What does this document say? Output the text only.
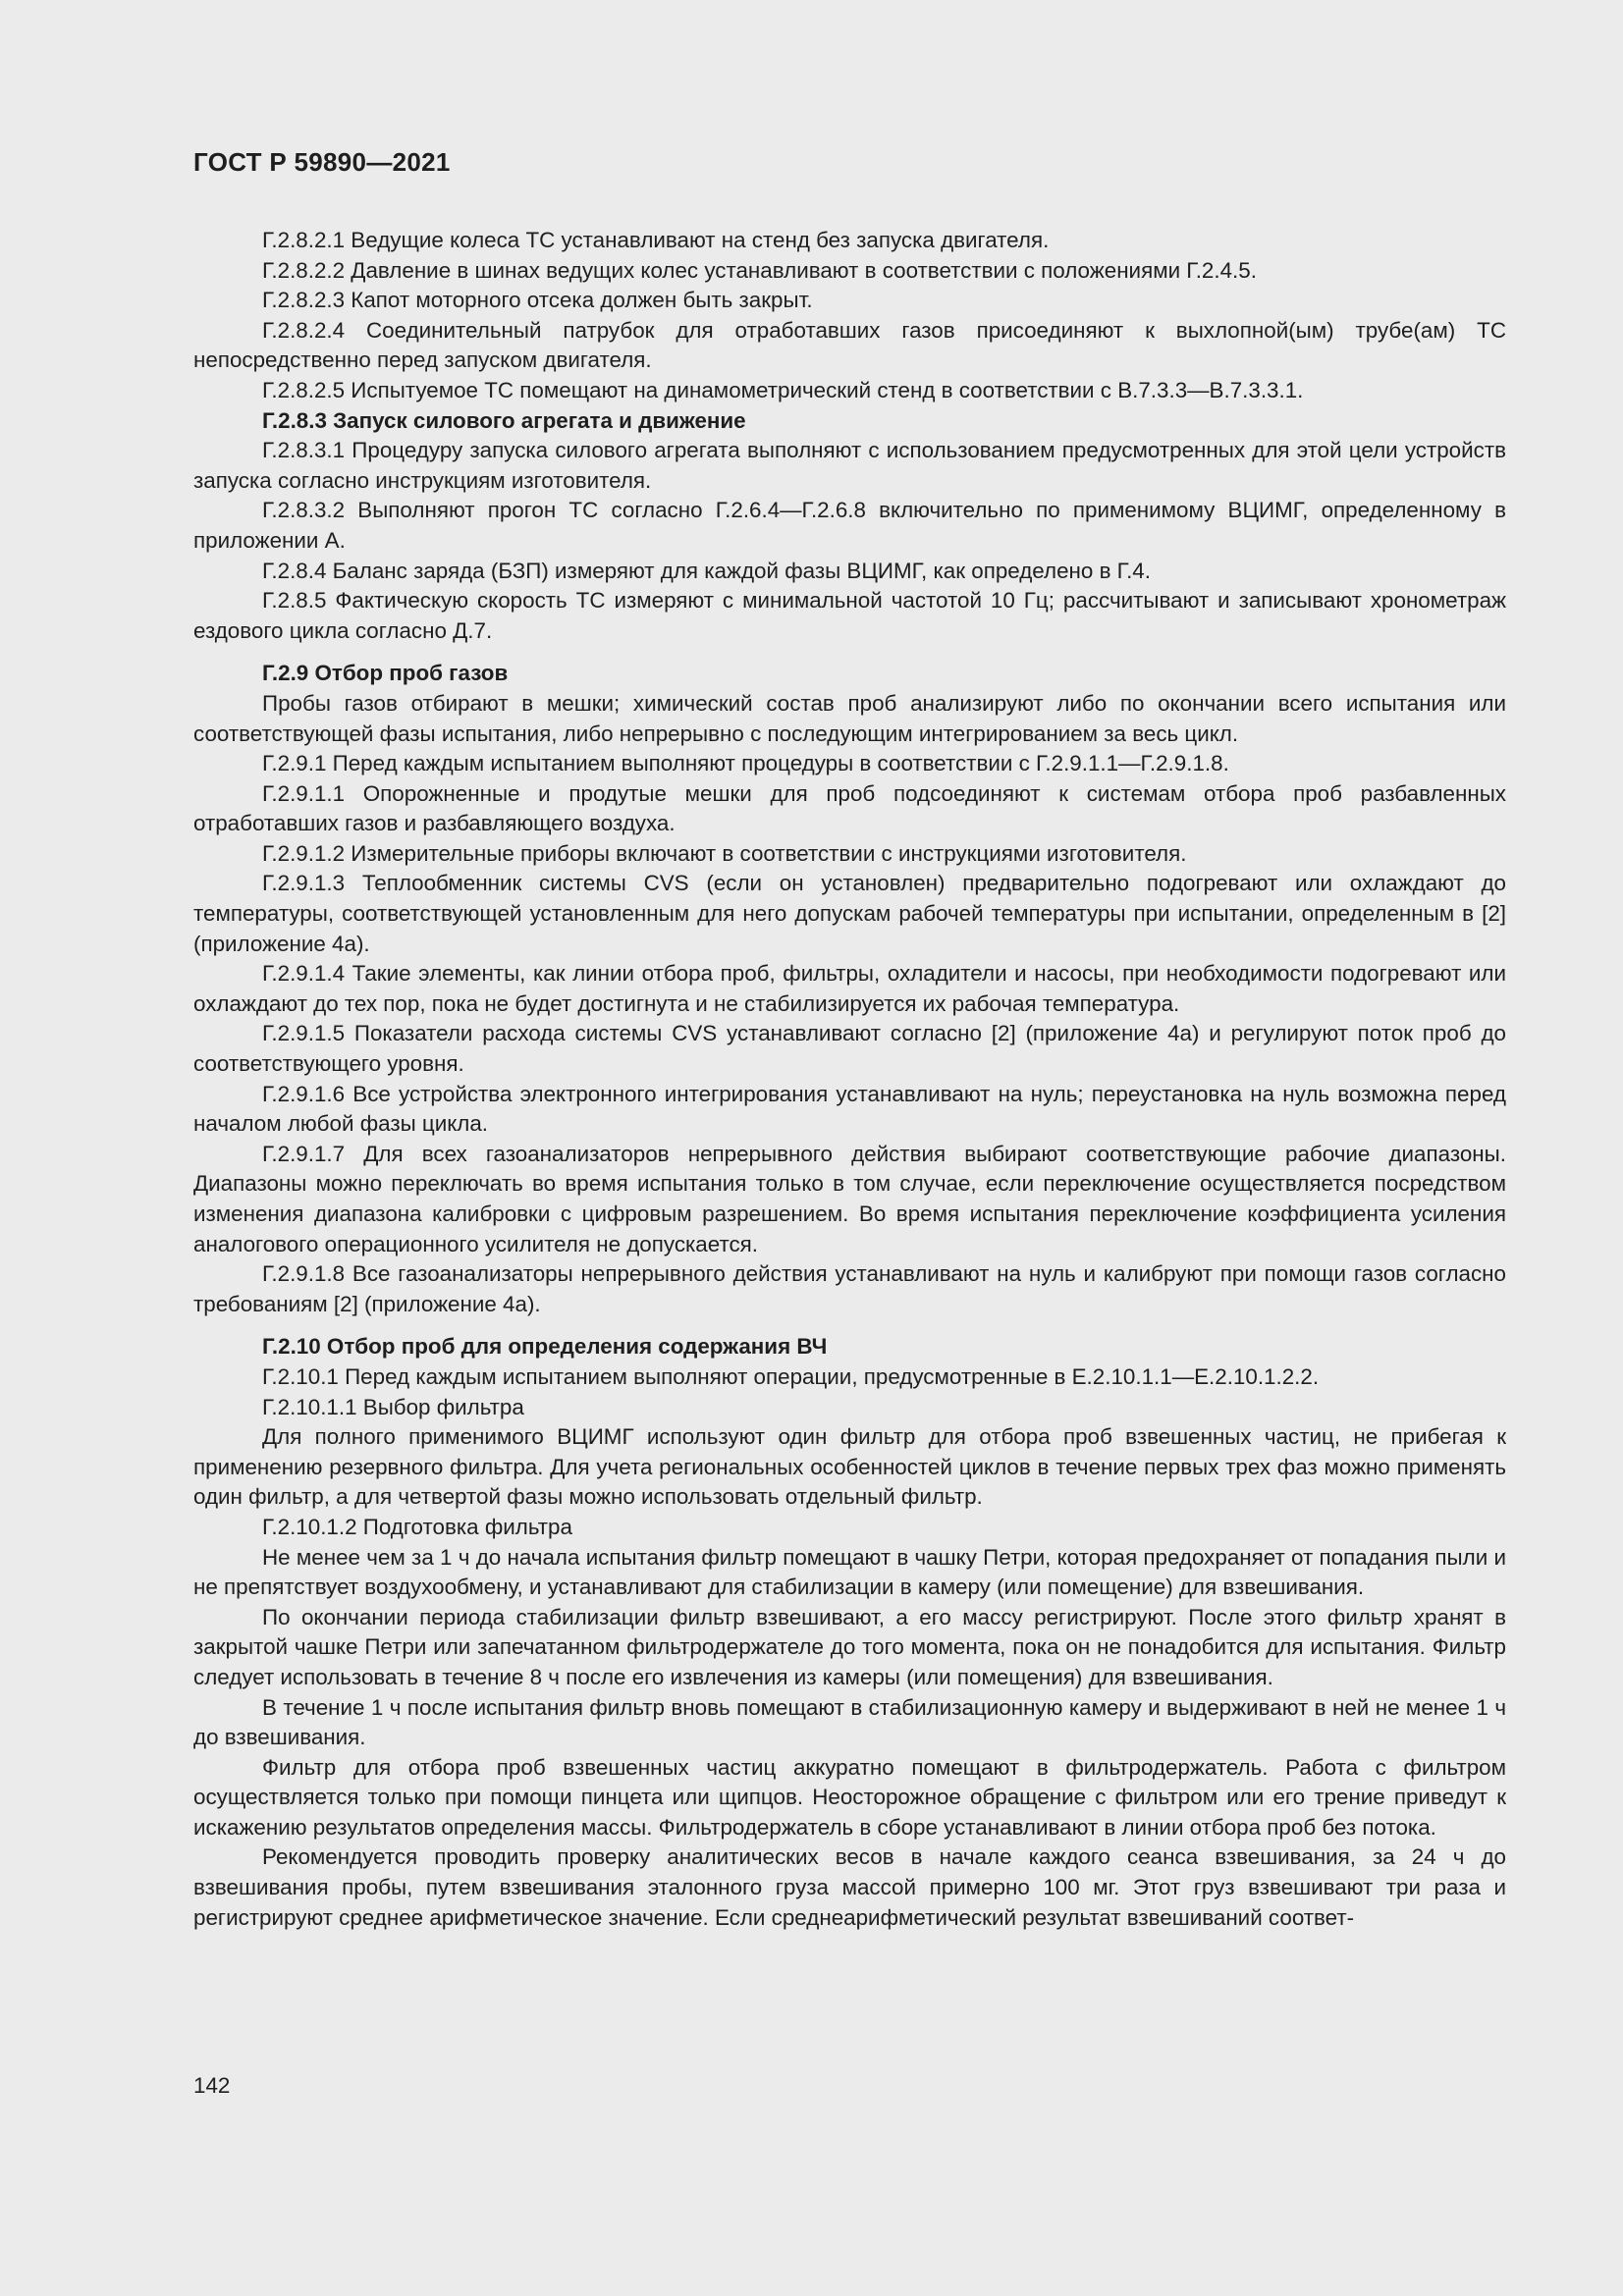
ГОСТ Р 59890—2021

Г.2.8.2.1 Ведущие колеса ТС устанавливают на стенд без запуска двигателя.

Г.2.8.2.2 Давление в шинах ведущих колес устанавливают в соответствии с положениями Г.2.4.5.

Г.2.8.2.3 Капот моторного отсека должен быть закрыт.

Г.2.8.2.4 Соединительный патрубок для отработавших газов присоединяют к выхлопной(ым) трубе(ам) ТС непосредственно перед запуском двигателя.

Г.2.8.2.5 Испытуемое ТС помещают на динамометрический стенд в соответствии с В.7.3.3—В.7.3.3.1.

Г.2.8.3 Запуск силового агрегата и движение

Г.2.8.3.1 Процедуру запуска силового агрегата выполняют с использованием предусмотренных для этой цели устройств запуска согласно инструкциям изготовителя.

Г.2.8.3.2 Выполняют прогон ТС согласно Г.2.6.4—Г.2.6.8 включительно по применимому ВЦИМГ, определенному в приложении А.

Г.2.8.4 Баланс заряда (БЗП) измеряют для каждой фазы ВЦИМГ, как определено в Г.4.

Г.2.8.5 Фактическую скорость ТС измеряют с минимальной частотой 10 Гц; рассчитывают и записывают хронометраж ездового цикла согласно Д.7.

Г.2.9 Отбор проб газов

Пробы газов отбирают в мешки; химический состав проб анализируют либо по окончании всего испытания или соответствующей фазы испытания, либо непрерывно с последующим интегрированием за весь цикл.

Г.2.9.1 Перед каждым испытанием выполняют процедуры в соответствии с Г.2.9.1.1—Г.2.9.1.8.

Г.2.9.1.1 Опорожненные и продутые мешки для проб подсоединяют к системам отбора проб разбавленных отработавших газов и разбавляющего воздуха.

Г.2.9.1.2 Измерительные приборы включают в соответствии с инструкциями изготовителя.

Г.2.9.1.3 Теплообменник системы CVS (если он установлен) предварительно подогревают или охлаждают до температуры, соответствующей установленным для него допускам рабочей температуры при испытании, определенным в [2] (приложение 4а).

Г.2.9.1.4 Такие элементы, как линии отбора проб, фильтры, охладители и насосы, при необходимости подогревают или охлаждают до тех пор, пока не будет достигнута и не стабилизируется их рабочая температура.

Г.2.9.1.5 Показатели расхода системы CVS устанавливают согласно [2] (приложение 4а) и регулируют поток проб до соответствующего уровня.

Г.2.9.1.6 Все устройства электронного интегрирования устанавливают на нуль; переустановка на нуль возможна перед началом любой фазы цикла.

Г.2.9.1.7 Для всех газоанализаторов непрерывного действия выбирают соответствующие рабочие диапазоны. Диапазоны можно переключать во время испытания только в том случае, если переключение осуществляется посредством изменения диапазона калибровки с цифровым разрешением. Во время испытания переключение коэффициента усиления аналогового операционного усилителя не допускается.

Г.2.9.1.8 Все газоанализаторы непрерывного действия устанавливают на нуль и калибруют при помощи газов согласно требованиям [2] (приложение 4а).

Г.2.10 Отбор проб для определения содержания ВЧ

Г.2.10.1 Перед каждым испытанием выполняют операции, предусмотренные в Е.2.10.1.1—Е.2.10.1.2.2.

Г.2.10.1.1 Выбор фильтра

Для полного применимого ВЦИМГ используют один фильтр для отбора проб взвешенных частиц, не прибегая к применению резервного фильтра. Для учета региональных особенностей циклов в течение первых трех фаз можно применять один фильтр, а для четвертой фазы можно использовать отдельный фильтр.

Г.2.10.1.2 Подготовка фильтра

Не менее чем за 1 ч до начала испытания фильтр помещают в чашку Петри, которая предохраняет от попадания пыли и не препятствует воздухообмену, и устанавливают для стабилизации в камеру (или помещение) для взвешивания.

По окончании периода стабилизации фильтр взвешивают, а его массу регистрируют. После этого фильтр хранят в закрытой чашке Петри или запечатанном фильтродержателе до того момента, пока он не понадобится для испытания. Фильтр следует использовать в течение 8 ч после его извлечения из камеры (или помещения) для взвешивания.

В течение 1 ч после испытания фильтр вновь помещают в стабилизационную камеру и выдерживают в ней не менее 1 ч до взвешивания.

Фильтр для отбора проб взвешенных частиц аккуратно помещают в фильтродержатель. Работа с фильтром осуществляется только при помощи пинцета или щипцов. Неосторожное обращение с фильтром или его трение приведут к искажению результатов определения массы. Фильтродержатель в сборе устанавливают в линии отбора проб без потока.

Рекомендуется проводить проверку аналитических весов в начале каждого сеанса взвешивания, за 24 ч до взвешивания пробы, путем взвешивания эталонного груза массой примерно 100 мг. Этот груз взвешивают три раза и регистрируют среднее арифметическое значение. Если среднеарифметический результат взвешиваний соответ-

142
